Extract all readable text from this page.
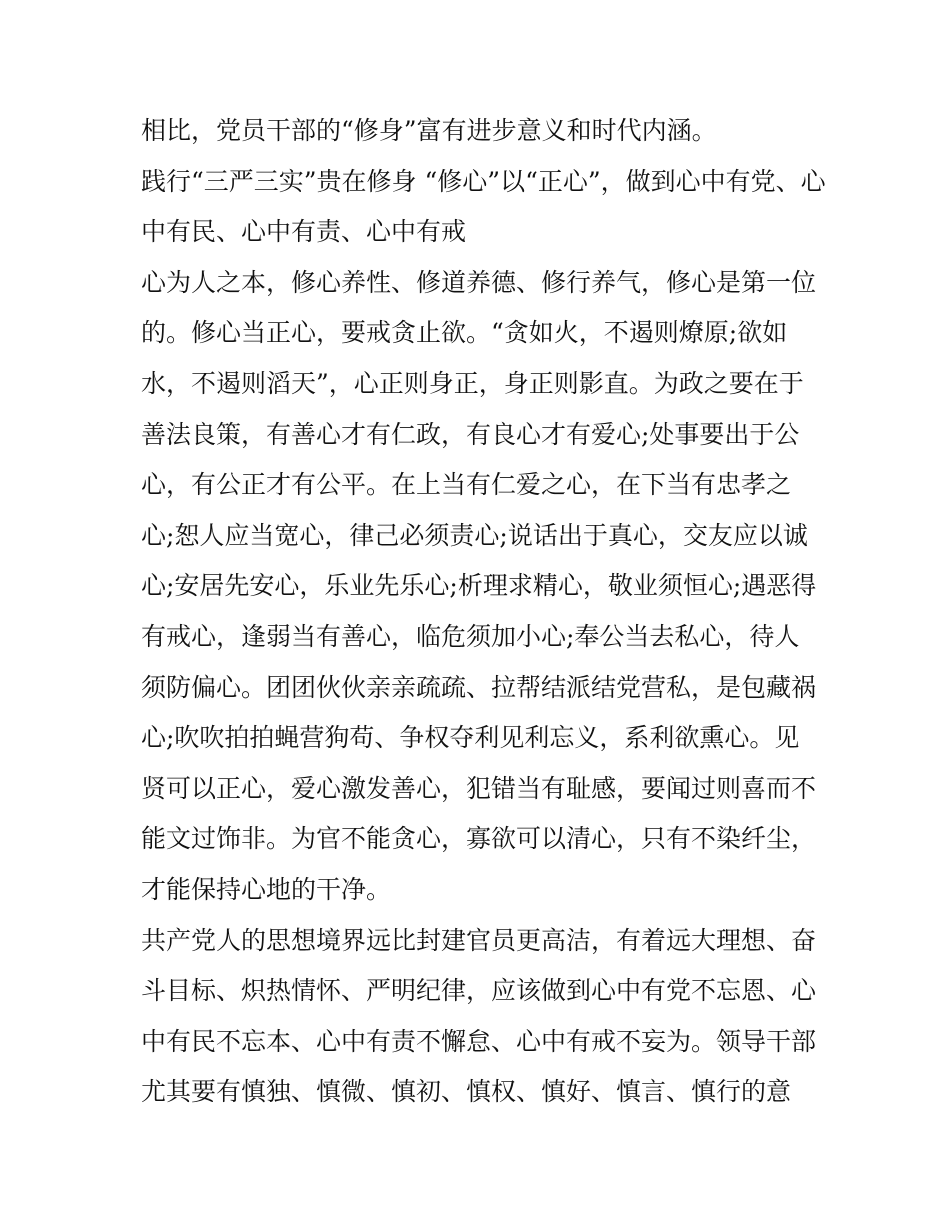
相比，党员干部的“修身”富有进步意义和时代内涵。
践行“三严三实”贵在修身 “修心”以“正心”，做到心中有党、心
中有民、心中有责、心中有戒
心为人之本，修心养性、修道养德、修行养气，修心是第一位
的。修心当正心，要戒贪止欲。“贪如火，不遏则燎原;欲如
水，不遏则滔天”，心正则身正，身正则影直。为政之要在于
善法良策，有善心才有仁政，有良心才有爱心;处事要出于公
心，有公正才有公平。在上当有仁爱之心，在下当有忠孝之
心;恕人应当宽心，律己必须责心;说话出于真心，交友应以诚
心;安居先安心，乐业先乐心;析理求精心，敬业须恒心;遇恶得
有戒心，逢弱当有善心，临危须加小心;奉公当去私心，待人
须防偏心。团团伙伙亲亲疏疏、拉帮结派结党营私，是包藏祸
心;吹吹拍拍蝇营狗苟、争权夺利见利忘义，系利欲熏心。见
贤可以正心，爱心激发善心，犯错当有耻感，要闻过则喜而不
能文过饰非。为官不能贪心，寡欲可以清心，只有不染纤尘，
才能保持心地的干净。
共产党人的思想境界远比封建官员更高洁，有着远大理想、奋
斗目标、炽热情怀、严明纪律，应该做到心中有党不忘恩、心
中有民不忘本、心中有责不懈怠、心中有戒不妄为。领导干部
尤其要有慎独、慎微、慎初、慎权、慎好、慎言、慎行的意
